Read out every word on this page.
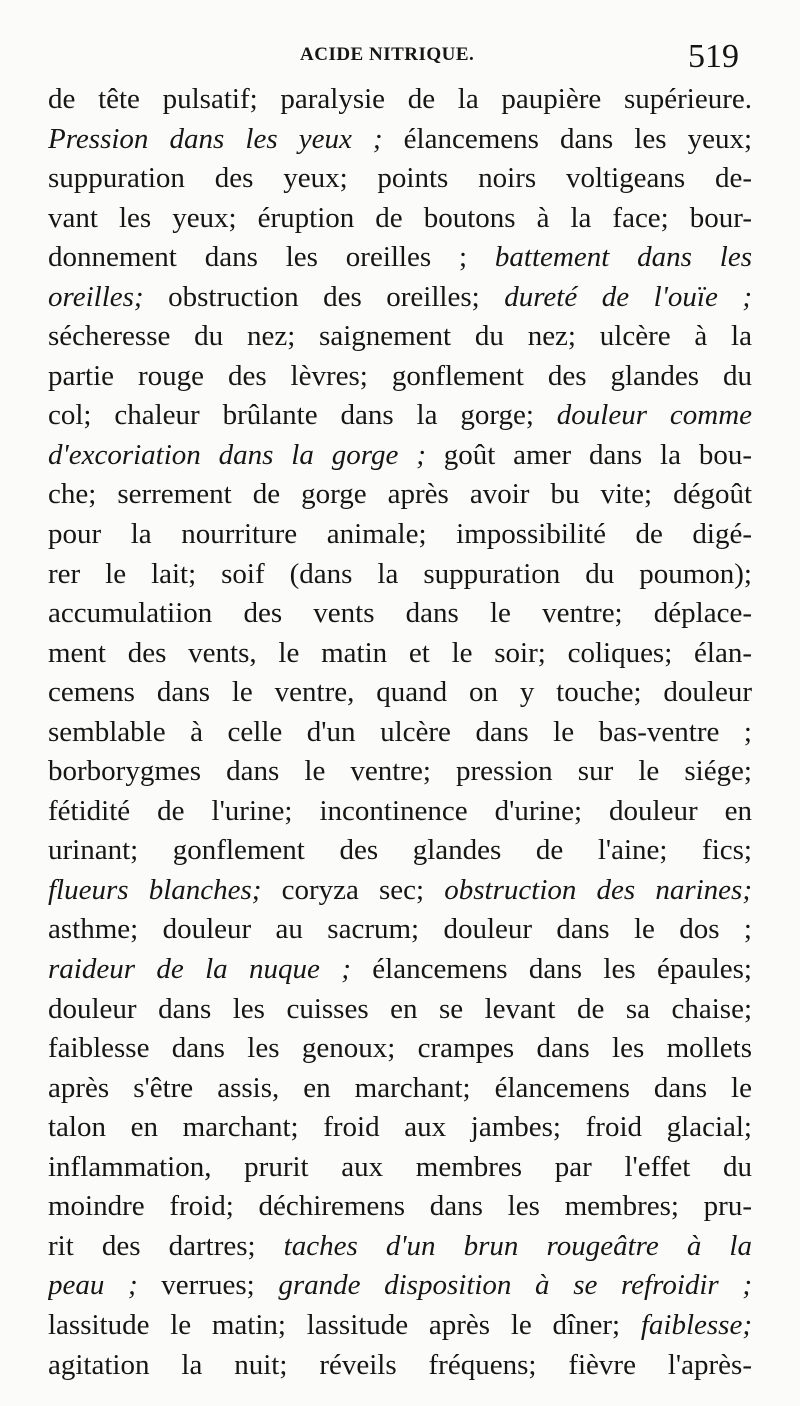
ACIDE NITRIQUE.	519
de tête pulsatif; paralysie de la paupière supérieure.
Pression dans les yeux ; élancemens dans les yeux;
suppuration des yeux; points noirs voltigeans de-
vant les yeux; éruption de boutons à la face; bour-
donnement dans les oreilles ; battement dans les
oreilles; obstruction des oreilles; dureté de l'ouïe ;
sécheresse du nez; saignement du nez; ulcère à la
partie rouge des lèvres; gonflement des glandes du
col; chaleur brûlante dans la gorge; douleur comme
d'excoriation dans la gorge ; goût amer dans la bou-
che; serrement de gorge après avoir bu vite; dégoût
pour la nourriture animale; impossibilité de digé-
rer le lait; soif (dans la suppuration du poumon);
accumulatiion des vents dans le ventre; déplace-
ment des vents, le matin et le soir; coliques; élan-
cemens dans le ventre, quand on y touche; douleur
semblable à celle d'un ulcère dans le bas-ventre ;
borborygmes dans le ventre; pression sur le siége;
fétidité de l'urine; incontinence d'urine; douleur en
urinant; gonflement des glandes de l'aine; fics;
flueurs blanches; coryza sec; obstruction des narines;
asthme; douleur au sacrum; douleur dans le dos ;
raideur de la nuque ; élancemens dans les épaules;
douleur dans les cuisses en se levant de sa chaise;
faiblesse dans les genoux; crampes dans les mollets
après s'être assis, en marchant; élancemens dans le
talon en marchant; froid aux jambes; froid glacial;
inflammation, prurit aux membres par l'effet du
moindre froid; déchiremens dans les membres; pru-
rit des dartres; taches d'un brun rougeâtre à la
peau ; verrues; grande disposition à se refroidir ;
lassitude le matin; lassitude après le dîner; faiblesse;
agitation la nuit; réveils fréquens; fièvre l'après-
